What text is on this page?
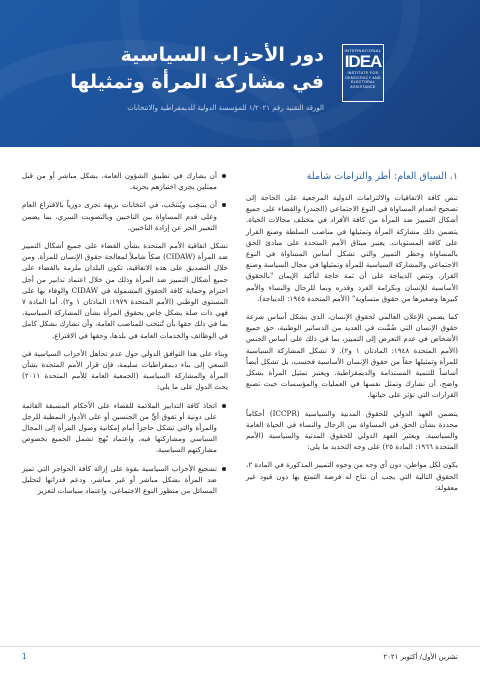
دور الأحزاب السياسية
في مشاركة المرأة وتمثيلها
الورقة التقنية رقم ١/٢٠٢١ للمؤسسة الدولية للديمقراطية والانتخابات
INTERNATIONAL
IDEA
INSTITUTE FOR
DEMOCRACY AND
ELECTORAL
ASSISTANCE
١. السياق العام: أطر والتزامات شاملة

تنص كافة الاتفاقيات والالتزامات الدولية المرجعية على الحاجة إلى تصحيح انعدام المساواة في النوع الاجتماعي (الجندر) والقضاء على جميع أشكال التمييز ضد المرأة من كافة الأفراد في مختلف مجالات الحياة. يتضمن ذلك مشاركة المرأة وتمثيلها في مناصب السلطة وصنع القرار على كافة المستويات. يعتبر ميثاق الأمم المتحدة على مبادئ الحق بالمساواة وحظر التمييز والتي تشكل أساس المساواة في النوع الاجتماعي والمشاركة السياسية للمرأة وتمثيلها في مجال السياسة وصنع القرار. وتنص الديباجة على أن ثمة حاجة لتأكيد الإيمان "بالحقوق الأساسية للإنسان وبكرامة الفرد وقدره وبما للرجال والنساء والأمم كبيرها وصغيرها من حقوق متساوية" (الأمم المتحدة ١٩٤٥: الديباجة).

كما يضمن الإعلان العالمي لحقوق الإنسان، الذي يشكل أساس شرعة حقوق الإنسان التي ضُمِّنت في العديد من الدساتير الوطنية، حق جميع الأشخاص في عدم التعرض إلى التمييز، بما في ذلك على أساس الجنس (الأمم المتحدة ١٩٤٨: المادتان ١ و٢). لا تشكل المشاركة السياسية للمرأة وتمثيلها حقاً من حقوق الإنسان الأساسية فحسب، بل تشكل أيضاً أساساً للتنمية المستدامة والديمقراطية. ويعتبر تمثيل المرأة بشكل واضح، أن تشارك وتمثل نفسها في العمليات والمؤسسات حيث تصنع القرارات التي تؤثر على حياتها.

يتضمن العهد الدولي للحقوق المدنية والسياسية (ICCPR) أحكاماً محددة بشأن الحق في المساواة بين الرجال والنساء في الحياة العامة والسياسية. ويعتبر العهد الدولي للحقوق المدنية والسياسية (الأمم المتحدة ١٩٦٦: المادة ٢٥) على وجه التحديد ما يلي:

يكون لكل مواطن، دون أي وجه من وجوه التمييز المذكورة في المادة ٢، الحقوق التالية التي يجب أن تتاح له فرصة التمتع بها دون قيود غير معقولة:

أن يشارك في تطبيق الشؤون العامة، بشكل مباشر أو من قبل ممثلين يجري اختيارهم بحرية.
أن ينتخِب ويُنتخَب، في انتخابات نزيهة تجرى دورياً بالاقتراع العام وعلى قدم المساواة بين الناخبين وبالتصويت السري، بما يضمن التعبير الحر عن إرادة الناخبين.

تشكل اتفاقية الأمم المتحدة بشأن القضاء على جميع أشكال التمييز ضد المرأة (CIDAW) صكاً شاملاً لمعالجة حقوق الإنسان للمرأة. ومن خلال التصديق على هذه الاتفاقية، تكون البلدان ملزمة بالقضاء على جميع أشكال التمييز ضد المرأة وذلك من خلال اعتماد تدابير من أجل احترام وحماية كافة الحقوق المشمولة في CIDAW والوفاء بها على المستوى الوطني (الأمم المتحدة ١٩٧٩: المادتان ١ و٢). أما المادة ٧ فهي ذات صلة بشكل خاص بحقوق المرأة بشأن المشاركة السياسية، بما في ذلك حقها بأن تُنتخب للمناصب العامة، وأن تشارك بشكل كامل في الوظائف والخدمات العامة في بلدها، وحقها في الاقتراع.

وبناء على هذا التوافق الدولي حول عدم تجاهل الأحزاب السياسية في السعي إلى بناء ديمقراطيات سليمة، فإن قرار الأمم المتحدة بشأن المرأة والمشاركة السياسية (الجمعية العامة للأمم المتحدة ٢٠١١) يحث الدول على ما يلي:

اتخاذ كافة التدابير الملائمة للقضاء على الأحكام المسبقة القائمة على دونية أو تفوق أيٍّ من الجنسين أو على الأدوار النمطية للرجل والمرأة والتي تشكل حاجزاً أمام إمكانية وصول المرأة إلى المجال السياسي ومشاركتها فيه، واعتماد نُهج تشمل الجميع بخصوص مشاركتهم السياسية.
تشجيع الأحزاب السياسية بقوة على إزالة كافة الحواجز التي تميز ضد المرأة بشكل مباشر أو غير مباشر، ودعم قدراتها لتحليل المسائل من منظور النوع الاجتماعي، واعتماد سياسات لتعزيز
تشرين الأول/ أكتوبر ٢٠٢١
1
